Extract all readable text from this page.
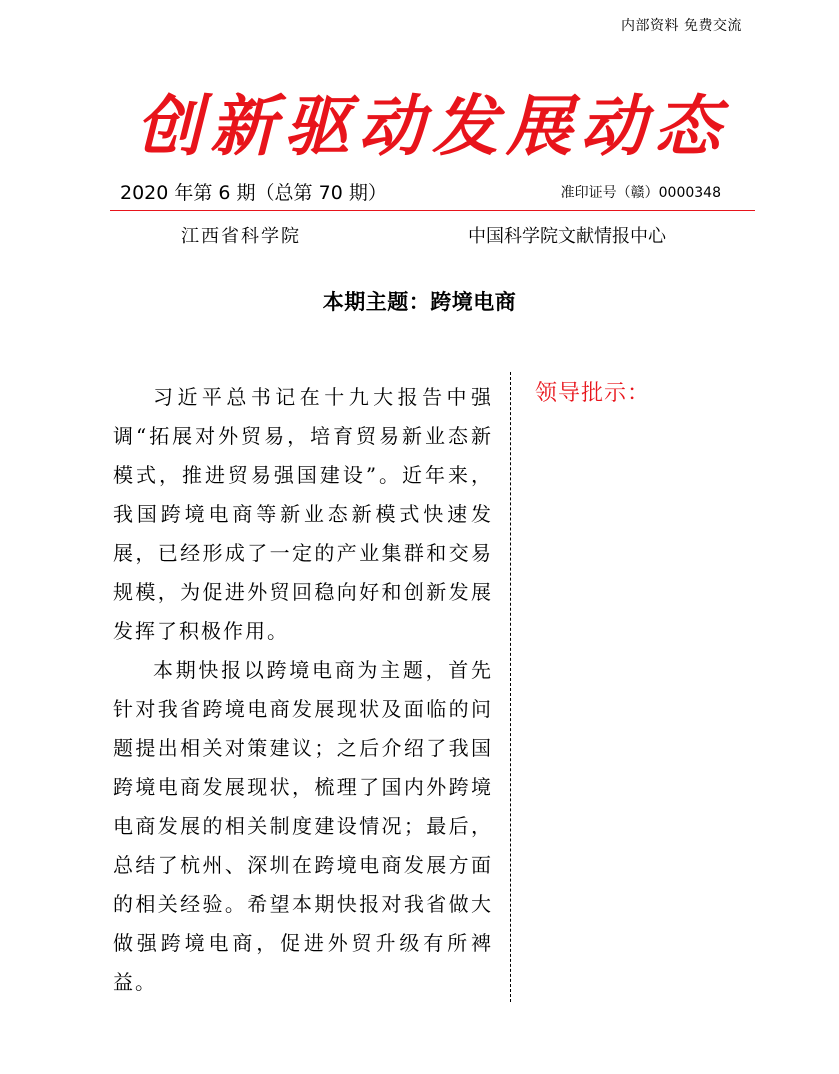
内部资料 免费交流
创新驱动发展动态
2020 年第 6 期（总第 70 期）	准印证号（赣）0000348
江西省科学院	中国科学院文献情报中心
本期主题：跨境电商

习近平总书记在十九大报告中强调“拓展对外贸易，培育贸易新业态新模式，推进贸易强国建设”。近年来，我国跨境电商等新业态新模式快速发展，已经形成了一定的产业集群和交易规模，为促进外贸回稳向好和创新发展发挥了积极作用。

本期快报以跨境电商为主题，首先针对我省跨境电商发展现状及面临的问题提出相关对策建议；之后介绍了我国跨境电商发展现状，梳理了国内外跨境电商发展的相关制度建设情况；最后，总结了杭州、深圳在跨境电商发展方面的相关经验。希望本期快报对我省做大做强跨境电商，促进外贸升级有所裨益。

领导批示：
